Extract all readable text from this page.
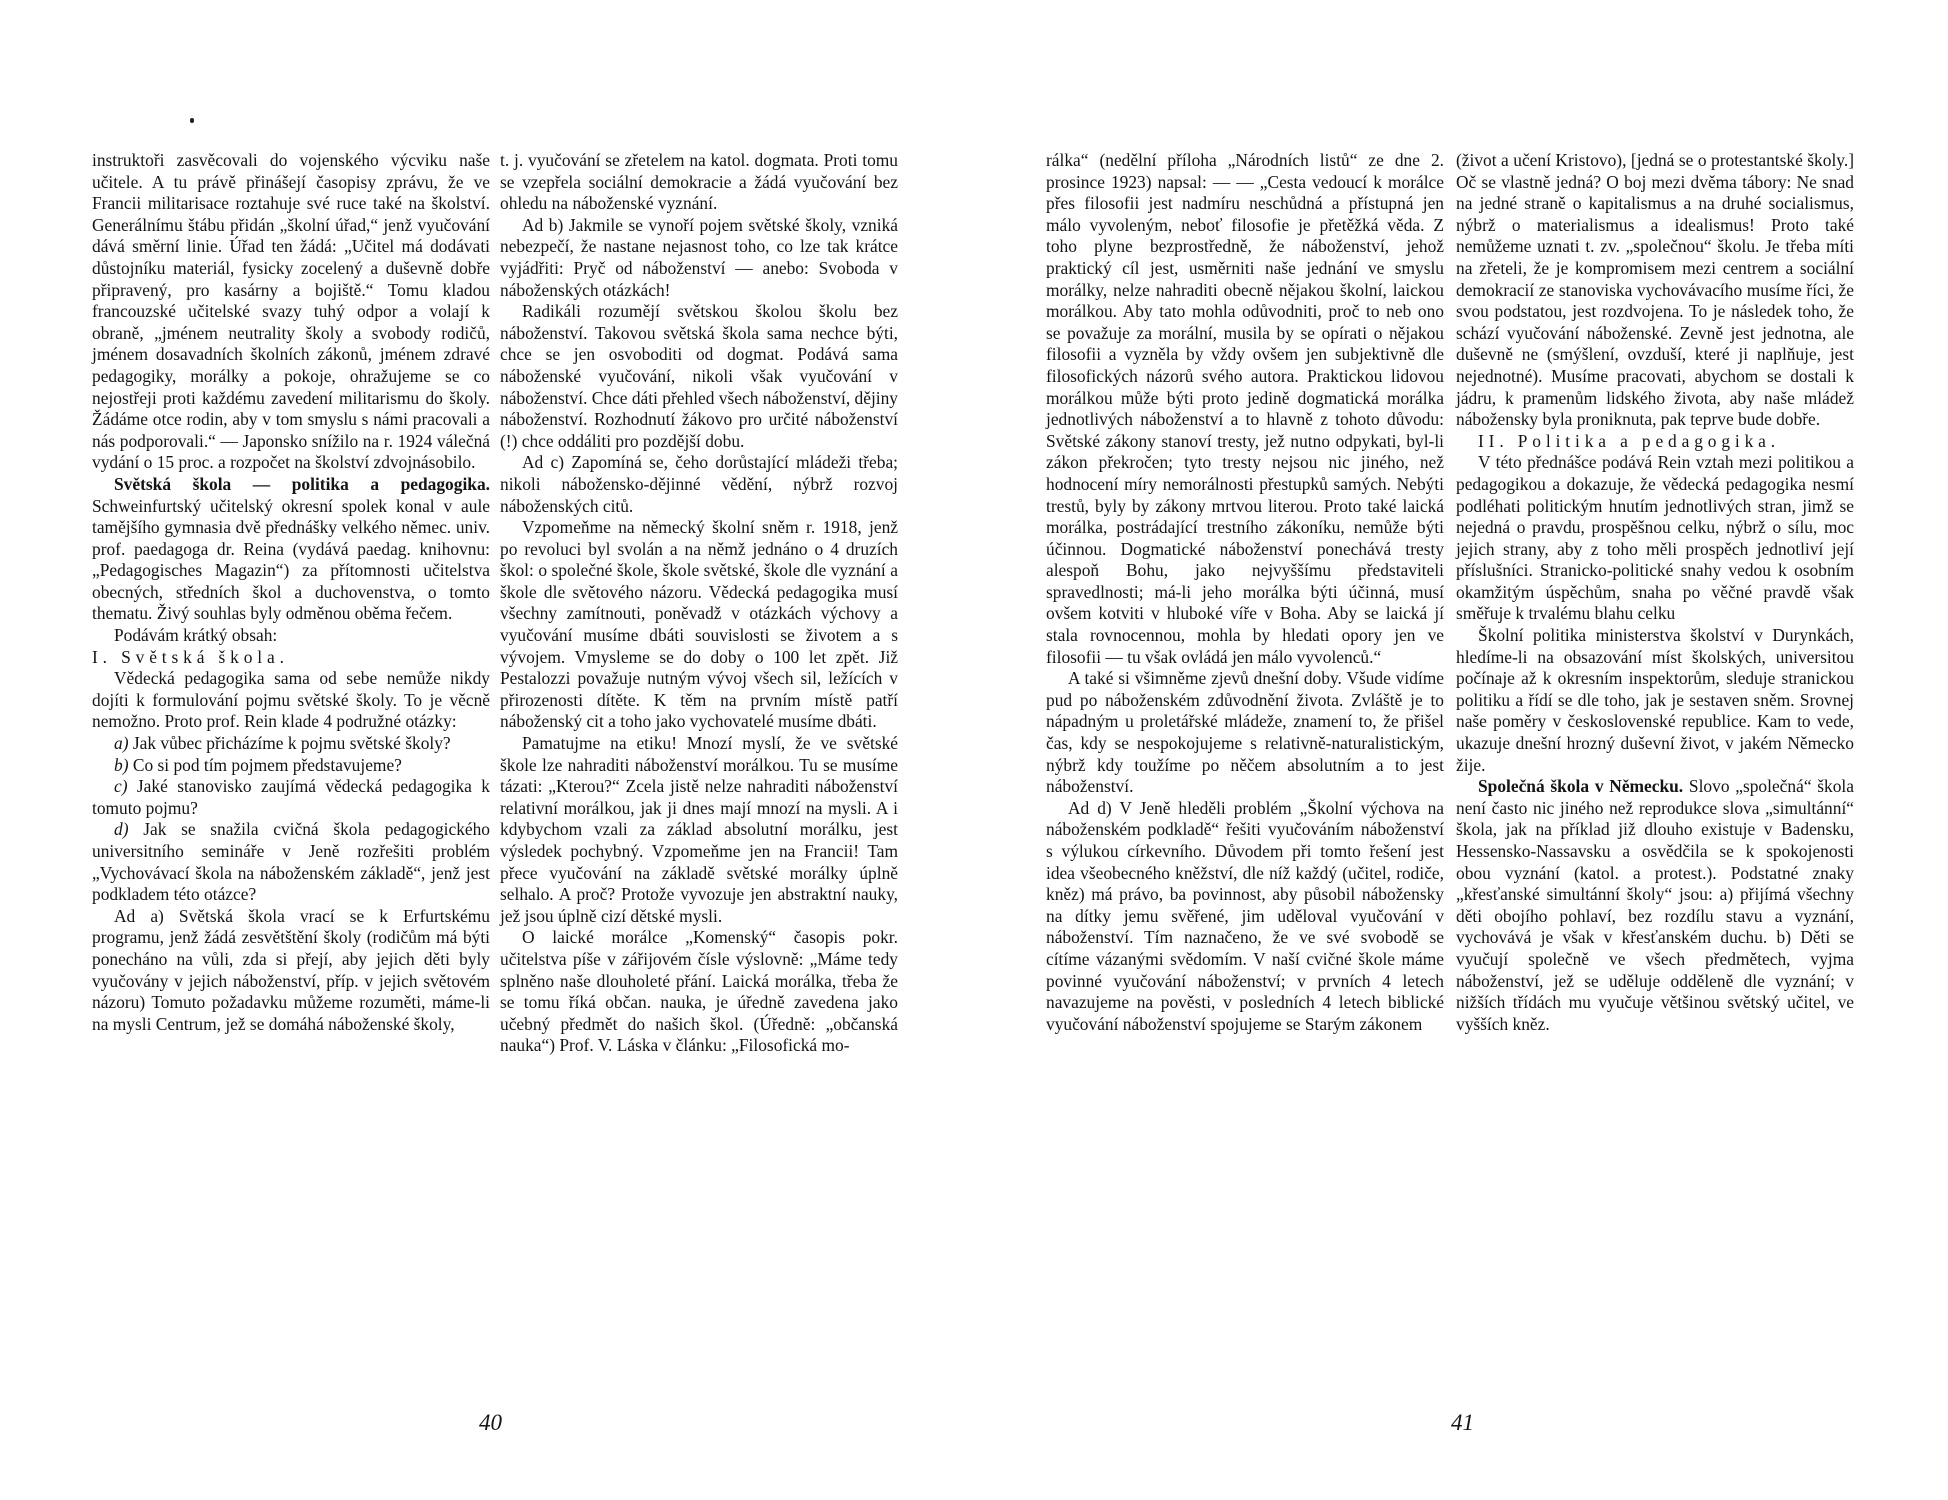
instruktoři zasvěcovali do vojenského výcviku naše učitele. A tu právě přinášejí časopisy zprávu, že ve Francii militarisace roztahuje své ruce také na školství. Generálnímu štábu přidán „školní úřad,“ jenž vyučování dává směrní linie. Úřad ten žádá: „Učitel má dodávati důstojníku materiál, fysicky zocelený a duševně dobře připravený, pro kasárny a bojiště.“ Tomu kladou francouzské učitelské svazy tuhý odpor a volají k obraně, „jménem neutrality školy a svobody rodičů, jménem dosavadních školních zákonů, jménem zdravé pedagogiky, morálky a pokoje, ohražujeme se co nejostřeji proti každému zavedení militarismu do školy. Žádáme otce rodin, aby v tom smyslu s námi pracovali a nás podporovali.“ — Japonsko snížilo na r. 1924 válečná vydání o 15 proc. a rozpočet na školství zdvojnásobilo.

Světská škola — politika a pedagogika. Schweinfurtský učitelský okresní spolek konal v aule tamějšího gymnasia dvě přednášky velkého němec. univ. prof. paedagoga dr. Reina (vydává paedag. knihovnu: „Pedagogisches Magazin“) za přítomnosti učitelstva obecných, středních škol a duchovenstva, o tomto thematu. Živý souhlas byly odměnou oběma řečem.

Podávám krátký obsah:

I. Světská škola.

Vědecká pedagogika sama od sebe nemůže nikdy dojíti k formulování pojmu světské školy. To je věcně nemožno. Proto prof. Rein klade 4 podružné otázky:

a) Jak vůbec přicházíme k pojmu světské školy?

b) Co si pod tím pojmem představujeme?

c) Jaké stanovisko zaujímá vědecká pedagogika k tomuto pojmu?

d) Jak se snažila cvičná škola pedagogického universitního semináře v Jeně rozřešiti problém „Vychovávací škola na náboženském základě“, jenž jest podkladem této otázce?

Ad a) Světská škola vrací se k Erfurtskému programu, jenž žádá zesvětštění školy (rodičům má býti ponecháno na vůli, zda si přejí, aby jejich děti byly vyučovány v jejich náboženství, příp. v jejich světovém názoru) Tomuto požadavku můžeme rozuměti, máme-li na mysli Centrum, jež se domáhá náboženské školy,

t. j. vyučování se zřetelem na katol. dogmata. Proti tomu se vzepřela sociální demokracie a žádá vyučování bez ohledu na náboženské vyznání.

Ad b) Jakmile se vynoří pojem světské školy, vzniká nebezpečí, že nastane nejasnost toho, co lze tak krátce vyjádřiti: Pryč od náboženství — anebo: Svoboda v náboženských otázkách!

Radikáli rozumějí světskou školou školu bez náboženství. Takovou světská škola sama nechce býti, chce se jen osvoboditi od dogmat. Podává sama náboženské vyučování, nikoli však vyučování v náboženství. Chce dáti přehled všech náboženství, dějiny náboženství. Rozhodnutí žákovo pro určité náboženství (!) chce oddáliti pro pozdější dobu.

Ad c) Zapomíná se, čeho dorůstající mládeži třeba; nikoli nábožensko-dějinné vědění, nýbrž rozvoj náboženských citů.

Vzpomeňme na německý školní sněm r. 1918, jenž po revoluci byl svolán a na němž jednáno o 4 druzích škol: o společné škole, škole světské, škole dle vyznání a škole dle světového názoru. Vědecká pedagogika musí všechny zamítnouti, poněvadž v otázkách výchovy a vyučování musíme dbáti souvislosti se životem a s vývojem. Vmysleme se do doby o 100 let zpět. Již Pestalozzi považuje nutným vývoj všech sil, ležících v přirozenosti dítěte. K těm na prvním místě patří náboženský cit a toho jako vychovatelé musíme dbáti.

Pamatujme na etiku! Mnozí myslí, že ve světské škole lze nahraditi náboženství morálkou. Tu se musíme tázati: „Kterou?“ Zcela jistě nelze nahraditi náboženství relativní morálkou, jak ji dnes mají mnozí na mysli. A i kdybychom vzali za základ absolutní morálku, jest výsledek pochybný. Vzpomeňme jen na Francii! Tam přece vyučování na základě světské morálky úplně selhalo. A proč? Protože vyvozuje jen abstraktní nauky, jež jsou úplně cizí dětské mysli.

O laické morálce „Komenský“ časopis pokr. učitelstva píše v zářijovém čísle výslovně: „Máme tedy splněno naše dlouholeté přání. Laická morálka, třeba že se tomu říká občan. nauka, je úředně zavedena jako učebný předmět do našich škol. (Úředně: „občanská nauka“) Prof. V. Láska v článku: „Filosofická mo-

40

rálka“ (nedělní příloha „Národních listů“ ze dne 2. prosince 1923) napsal: — — „Cesta vedoucí k morálce přes filosofii jest nadmíru neschůdná a přístupná jen málo vyvoleným, neboť filosofie je přetěžká věda. Z toho plyne bezprostředně, že náboženství, jehož praktický cíl jest, usměrniti naše jednání ve smyslu morálky, nelze nahraditi obecně nějakou školní, laickou morálkou. Aby tato mohla odůvodniti, proč to neb ono se považuje za morální, musila by se opírati o nějakou filosofii a vyzněla by vždy ovšem jen subjektivně dle filosofických názorů svého autora. Praktickou lidovou morálkou může býti proto jedině dogmatická morálka jednotlivých náboženství a to hlavně z tohoto důvodu: Světské zákony stanoví tresty, jež nutno odpykati, byl-li zákon překročen; tyto tresty nejsou nic jiného, než hodnocení míry nemorálnosti přestupků samých. Nebýti trestů, byly by zákony mrtvou literou. Proto také laická morálka, postrádající trestního zákoníku, nemůže býti účinnou. Dogmatické náboženství ponechává tresty alespoň Bohu, jako nejvyššímu představiteli spravedlnosti; má-li jeho morálka býti účinná, musí ovšem kotviti v hluboké víře v Boha. Aby se laická jí stala rovnocennou, mohla by hledati opory jen ve filosofii — tu však ovládá jen málo vyvolenců.“

A také si všimněme zjevů dnešní doby. Všude vidíme pud po náboženském zdůvodnění života. Zvláště je to nápadným u proletářské mládeže, znamení to, že přišel čas, kdy se nespokojujeme s relativně-naturalistickým, nýbrž kdy toužíme po něčem absolutním a to jest náboženství.

Ad d) V Jeně hleděli problém „Školní výchova na náboženském podkladě“ řešiti vyučováním náboženství s výlukou církevního. Důvodem při tomto řešení jest idea všeobecného kněžství, dle níž každý (učitel, rodiče, kněz) má právo, ba povinnost, aby působil nábožensky na dítky jemu svěřené, jim uděloval vyučování v náboženství. Tím naznačeno, že ve své svobodě se cítíme vázanými svědomím. V naší cvičné škole máme povinné vyučování náboženství; v prvních 4 letech navazujeme na pověsti, v posledních 4 letech biblické vyučování náboženství spojujeme se Starým zákonem

(život a učení Kristovo), [jedná se o protestantské školy.] Oč se vlastně jedná? O boj mezi dvěma tábory: Ne snad na jedné straně o kapitalismus a na druhé socialismus, nýbrž o materialismus a idealismus! Proto také nemůžeme uznati t. zv. „společnou“ školu. Je třeba míti na zřeteli, že je kompromisem mezi centrem a sociální demokracií ze stanoviska vychovávacího musíme říci, že svou podstatou, jest rozdvojena. To je následek toho, že schází vyučování náboženské. Zevně jest jednotna, ale duševně ne (smýšlení, ovzduší, které ji naplňuje, jest nejednotné). Musíme pracovati, abychom se dostali k jádru, k pramenům lidského života, aby naše mládež nábožensky byla proniknuta, pak teprve bude dobře.

II. Politika a pedagogika.

V této přednášce podává Rein vztah mezi politikou a pedagogikou a dokazuje, že vědecká pedagogika nesmí podléhati politickým hnutím jednotlivých stran, jimž se nejedná o pravdu, prospěšnou celku, nýbrž o sílu, moc jejich strany, aby z toho měli prospěch jednotliví její příslušníci. Stranicko-politické snahy vedou k osobním okamžitým úspěchům, snaha po věčné pravdě však směřuje k trvalému blahu celku

Školní politika ministerstva školství v Durynkách, hledíme-li na obsazování míst školských, universitou počínaje až k okresním inspektorům, sleduje stranickou politiku a řídí se dle toho, jak je sestaven sněm. Srovnej naše poměry v československé republice. Kam to vede, ukazuje dnešní hrozný duševní život, v jakém Německo žije.

Společná škola v Německu. Slovo „společná“ škola není často nic jiného než reprodukce slova „simultánní“ škola, jak na příklad již dlouho existuje v Badensku, Hessensko-Nassavsku a osvědčila se k spokojenosti obou vyznání (katol. a protest.). Podstatné znaky „křesťanské simultánní školy“ jsou: a) přijímá všechny děti obojího pohlaví, bez rozdílu stavu a vyznání, vychovává je však v křesťanském duchu. b) Děti se vyučují společně ve všech předmětech, vyjma náboženství, jež se uděluje odděleně dle vyznání; v nižších třídách mu vyučuje většinou světský učitel, ve vyšších kněz.

41
